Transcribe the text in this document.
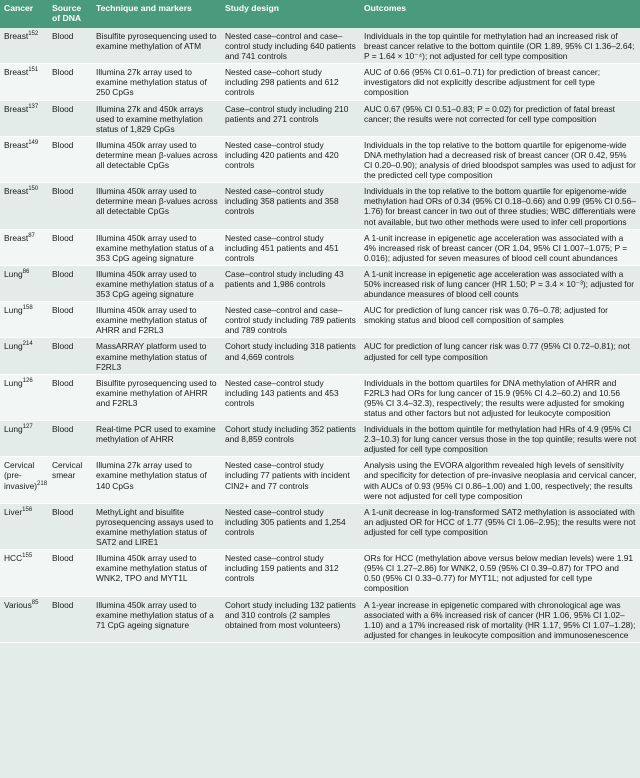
Cancer	Source of DNA	Technique and markers	Study design	Outcomes
Breast$^{152}$	Blood	Bisulfite pyrosequencing used to examine methylation of ATM	Nested case–control and case–control study including 640 patients and 741 controls	Individuals in the top quintile for methylation had an increased risk of breast cancer relative to the bottom quintile (OR 1.89, 95% CI 1.36–2.64; P = 1.64 × 10⁻⁴); not adjusted for cell type composition
Breast$^{151}$	Blood	Illumina 27k array used to examine methylation status of 250 CpGs	Nested case–cohort study including 298 patients and 612 controls	AUC of 0.66 (95% CI 0.61–0.71) for prediction of breast cancer; investigators did not explicitly describe adjustment for cell type composition
Breast$^{137}$	Blood	Illumina 27k and 450k arrays used to examine methylation status of 1,829 CpGs	Case–control study including 210 patients and 271 controls	AUC 0.67 (95% CI 0.51–0.83; P = 0.02) for prediction of fatal breast cancer; the results were not corrected for cell type composition
Breast$^{149}$	Blood	Illumina 450k array used to determine mean β-values across all detectable CpGs	Nested case–control study including 420 patients and 420 controls	Individuals in the top relative to the bottom quartile for epigenome-wide DNA methylation had a decreased risk of breast cancer (OR 0.42, 95% CI 0.20–0.90); analysis of dried bloodspot samples was used to adjust for the predicted cell type composition
Breast$^{150}$	Blood	Illumina 450k array used to determine mean β-values across all detectable CpGs	Nested case–control study including 358 patients and 358 controls	Individuals in the top relative to the bottom quartile for epigenome-wide methylation had ORs of 0.34 (95% CI 0.18–0.66) and 0.99 (95% CI 0.56–1.76) for breast cancer in two out of three studies; WBC differentials were not available, but two other methods were used to infer cell proportions
Breast$^{87}$	Blood	Illumina 450k array used to examine methylation status of a 353 CpG ageing signature	Nested case–control study including 451 patients and 451 controls	A 1-unit increase in epigenetic age acceleration was associated with a 4% increased risk of breast cancer (OR 1.04, 95% CI 1.007–1.075; P = 0.016); adjusted for seven measures of blood cell count abundances
Lung$^{86}$	Blood	Illumina 450k array used to examine methylation status of a 353 CpG ageing signature	Case–control study including 43 patients and 1,986 controls	A 1-unit increase in epigenetic age acceleration was associated with a 50% increased risk of lung cancer (HR 1.50; P = 3.4 × 10⁻³); adjusted for abundance measures of blood cell counts
Lung$^{158}$	Blood	Illumina 450k array used to examine methylation status of AHRR and F2RL3	Nested case–control and case–control study including 789 patients and 789 controls	AUC for prediction of lung cancer risk was 0.76–0.78; adjusted for smoking status and blood cell composition of samples
Lung$^{214}$	Blood	MassARRAY platform used to examine methylation status of F2RL3	Cohort study including 318 patients and 4,669 controls	AUC for prediction of lung cancer risk was 0.77 (95% CI 0.72–0.81); not adjusted for cell type composition
Lung$^{126}$	Blood	Bisulfite pyrosequencing used to examine methylation of AHRR and F2RL3	Nested case–control study including 143 patients and 453 controls	Individuals in the bottom quartiles for DNA methylation of AHRR and F2RL3 had ORs for lung cancer of 15.9 (95% CI 4.2–60.2) and 10.56 (95% CI 3.4–32.3), respectively; the results were adjusted for smoking status and other factors but not adjusted for leukocyte composition
Lung$^{127}$	Blood	Real-time PCR used to examine methylation of AHRR	Cohort study including 352 patients and 8,859 controls	Individuals in the bottom quintile for methylation had HRs of 4.9 (95% CI 2.3–10.3) for lung cancer versus those in the top quintile; results were not adjusted for cell type composition
Cervical (pre-invasive)$^{218}$	Cervical smear	Illumina 27k array used to examine methylation status of 140 CpGs	Nested case–control study including 77 patients with incident CIN2+ and 77 controls	Analysis using the EVORA algorithm revealed high levels of sensitivity and specificity for detection of pre-invasive neoplasia and cervical cancer, with AUCs of 0.93 (95% CI 0.86–1.00) and 1.00, respectively; the results were not adjusted for cell type composition
Liver$^{156}$	Blood	MethyLight and bisulfite pyrosequencing assays used to examine methylation status of SAT2 and LIRE1	Nested case–control study including 305 patients and 1,254 controls	A 1-unit decrease in log-transformed SAT2 methylation is associated with an adjusted OR for HCC of 1.77 (95% CI 1.06–2.95); the results were not adjusted for cell type composition
HCC$^{155}$	Blood	Illumina 450k array used to examine methylation status of WNK2, TPO and MYT1L	Nested case–control study including 159 patients and 312 controls	ORs for HCC (methylation above versus below median levels) were 1.91 (95% CI 1.27–2.86) for WNK2, 0.59 (95% CI 0.39–0.87) for TPO and 0.50 (95% CI 0.33–0.77) for MYT1L; not adjusted for cell type composition
Various$^{85}$	Blood	Illumina 450k array used to examine methylation status of a 71 CpG ageing signature	Cohort study including 132 patients and 310 controls (2 samples obtained from most volunteers)	A 1-year increase in epigenetic compared with chronological age was associated with a 6% increased risk of cancer (HR 1.06, 95% CI 1.02–1.10) and a 17% increased risk of mortality (HR 1.17, 95% CI 1.07–1.28); adjusted for changes in leukocyte composition and immunosenescence
